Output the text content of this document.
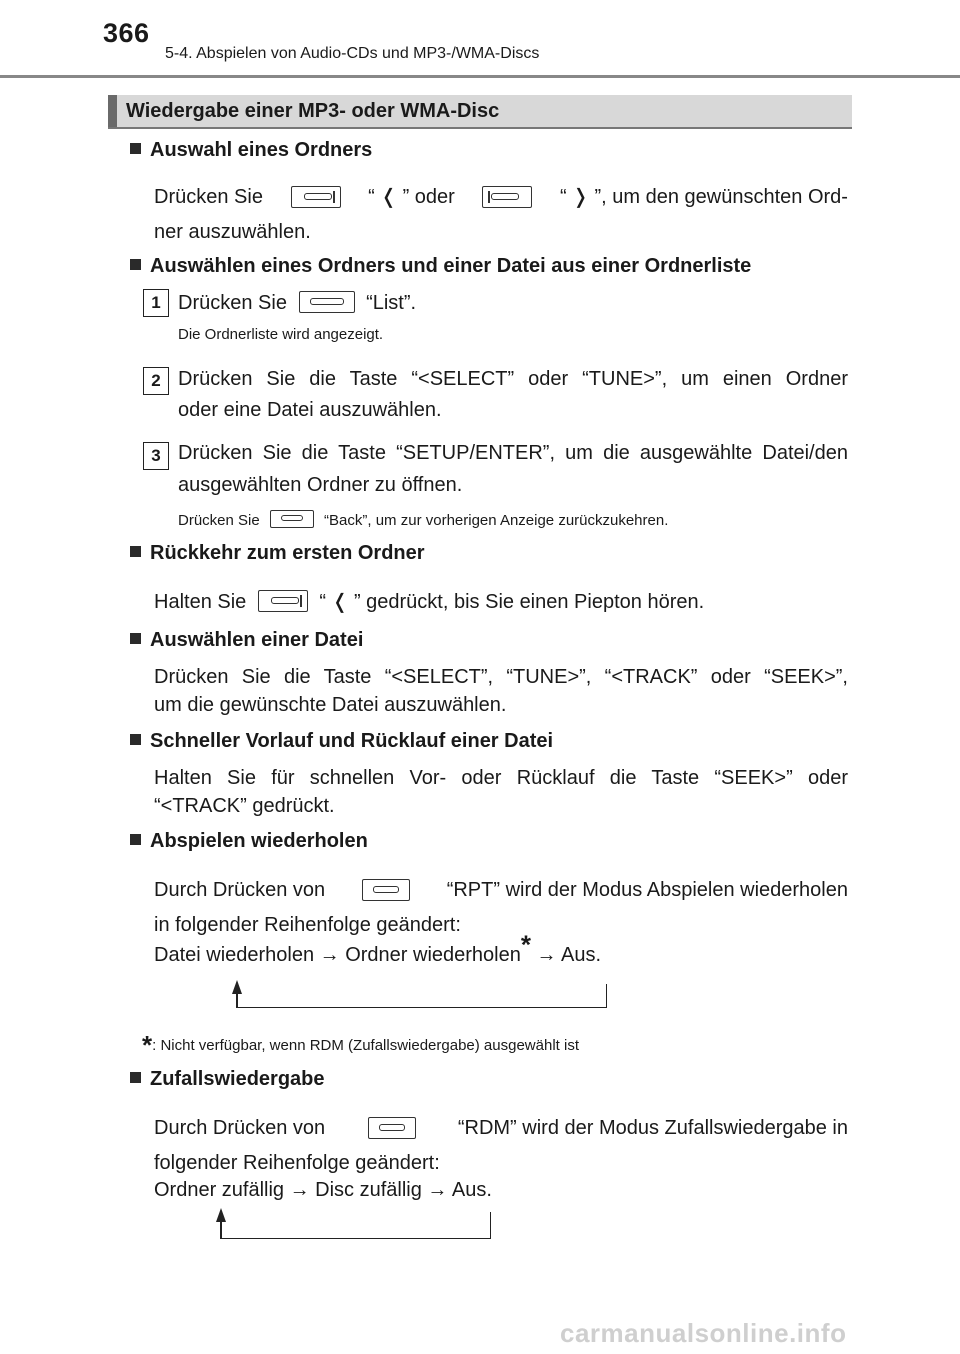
366
5-4. Abspielen von Audio-CDs und MP3-/WMA-Discs
Wiedergabe einer MP3- oder WMA-Disc
Auswahl eines Ordners
Drücken Sie	“ ❬ ” oder	“ ❭ ”, um den gewünschten Ord-
ner auszuwählen.
Auswählen eines Ordners und einer Datei aus einer Ordnerliste
1 Drücken Sie	“List”.
Die Ordnerliste wird angezeigt.
2 Drücken Sie die Taste “<SELECT” oder “TUNE>”, um einen Ordner
oder eine Datei auszuwählen.
3 Drücken Sie die Taste “SETUP/ENTER”, um die ausgewählte Datei/den
ausgewählten Ordner zu öffnen.
Drücken Sie	“Back”, um zur vorherigen Anzeige zurückzukehren.
Rückkehr zum ersten Ordner
Halten Sie	“ ❬ ” gedrückt, bis Sie einen Piepton hören.
Auswählen einer Datei
Drücken Sie die Taste “<SELECT”, “TUNE>”, “<TRACK” oder “SEEK>”,
um die gewünschte Datei auszuwählen.
Schneller Vorlauf und Rücklauf einer Datei
Halten Sie für schnellen Vor- oder Rücklauf die Taste “SEEK>” oder
“<TRACK” gedrückt.
Abspielen wiederholen
Durch Drücken von	“RPT” wird der Modus Abspielen wiederholen
in folgender Reihenfolge geändert:
Datei wiederholen → Ordner wiederholen* → Aus.
*: Nicht verfügbar, wenn RDM (Zufallswiedergabe) ausgewählt ist
Zufallswiedergabe
Durch Drücken von	“RDM” wird der Modus Zufallswiedergabe in
folgender Reihenfolge geändert:
Ordner zufällig → Disc zufällig → Aus.
carmanualsonline.info
